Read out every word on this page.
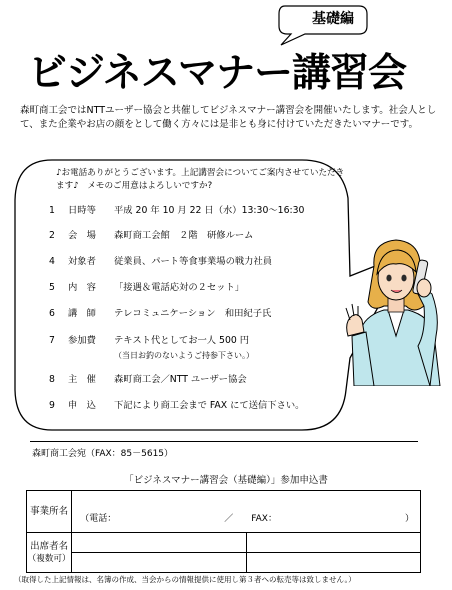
基礎編
ビジネスマナー講習会
森町商工会ではNTTユーザー協会と共催してビジネスマナー講習会を開催いたします。社会人として、また企業やお店の顔をとして働く方々には是非とも身に付けていただきたいマナーです。
♪お電話ありがとうございます。上記講習会についてご案内させていただきます♪　メモのご用意はよろしいですか?
1	日時等 平成 20 年 10 月 22 日（水）13:30～16:30
2	会　場 森町商工会館　２階　研修ルーム
4	対象者 従業員、パート等食事業場の戦力社員
5	内　容 「接遇＆電話応対の２セット」
6	講　師 テレコミュニケーション　和田紀子氏
7	参加費 テキスト代としてお一人 500 円
（当日お釣のないようご持参下さい。）
8	主　催 森町商工会／NTT ユーザー協会
9	申　込 下記により商工会まで FAX にて送信下さい。
森町商工会宛（FAX：85－5615）
「ビジネスマナー講習会（基礎編）」参加申込書
事業所名	（電話： ／ FAX： ）	

出席者名
（複数可）		

（取得した上記情報は、名簿の作成、当会からの情報提供に使用し第３者への転売等は致しません。）
